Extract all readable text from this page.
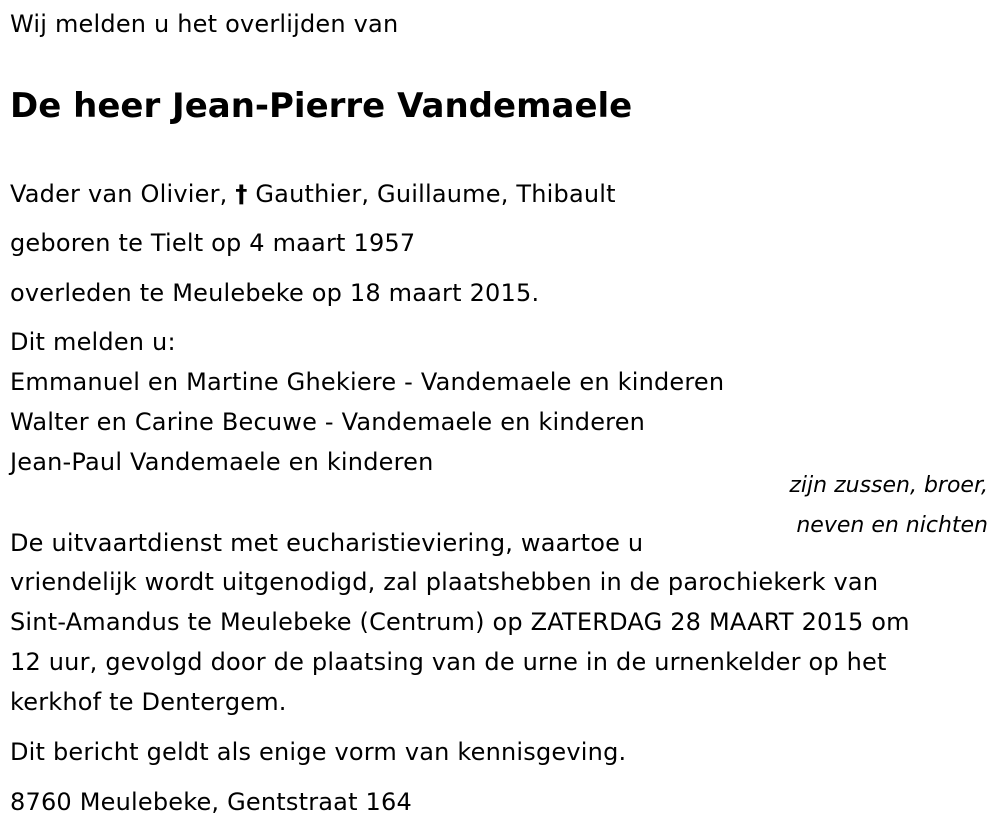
Wij melden u het overlijden van
De heer Jean-Pierre Vandemaele
Vader van Olivier, † Gauthier, Guillaume, Thibault
geboren te Tielt op 4 maart 1957
overleden te Meulebeke op 18 maart 2015.
Dit melden u:
Emmanuel en Martine Ghekiere - Vandemaele en kinderen
Walter en Carine Becuwe - Vandemaele en kinderen
Jean-Paul Vandemaele en kinderen
zijn zussen, broer,
neven en nichten
De uitvaartdienst met eucharistieviering, waartoe u
vriendelijk wordt uitgenodigd, zal plaatshebben in de parochiekerk van
Sint-Amandus te Meulebeke (Centrum) op ZATERDAG 28 MAART 2015 om
12 uur, gevolgd door de plaatsing van de urne in de urnenkelder op het
kerkhof te Dentergem.
Dit bericht geldt als enige vorm van kennisgeving.
8760 Meulebeke, Gentstraat 164
